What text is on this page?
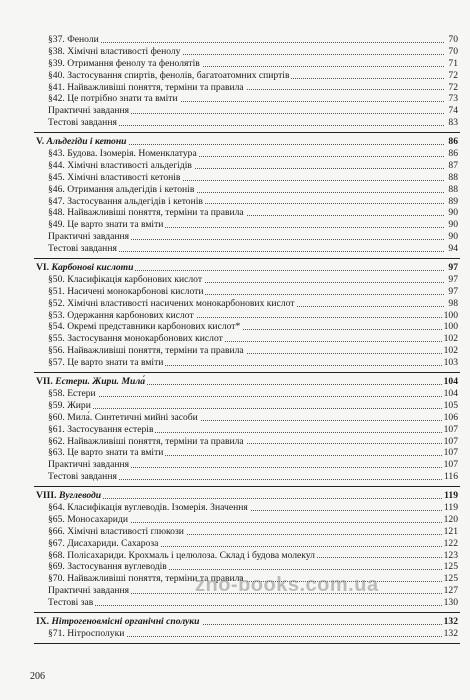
§37. Феноли	70
§38. Хімічні властивості фенолу	70
§39. Отримання фенолу та фенолятів	71
§40. Застосування спиртів, фенолів, багатоатомних спиртів	72
§41. Найважливіші поняття, терміни та правила	72
§42. Це потрібно знати та вміти	73
Практичні завдання	74
Тестові завдання	83
V. Альдегіди і кетони	86
§43. Будова. Ізомерія. Номенклатура	86
§44. Хімічні властивості альдегідів	87
§45. Хімічні властивості кетонів	88
§46. Отримання альдегідів і кетонів	88
§47. Застосування альдегідів і кетонів	89
§48. Найважливіші поняття, терміни та правила	90
§49. Це варто знати та вміти	90
Практичні завдання	90
Тестові завдання	94
VI. Карбонові кислоти	97
§50. Класифікація карбонових кислот	97
§51. Насичені монокарбонові кислоти	97
§52. Хімічні властивості насичених монокарбонових кислот	98
§53. Одержання карбонових кислот	100
§54. Окремі представники карбонових кислот*	100
§55. Застосування монокарбонових кислот	102
§56. Найважливіші поняття, терміни та правила	102
§57. Це варто знати та вміти	103
VII. Естери. Жири. Мила́	104
§58. Естери	104
§59. Жири	105
§60. Мила́. Синтетичні мийні засоби	106
§61. Застосування естерів	107
§62. Найважливіші поняття, терміни та правила	107
§63. Це варто знати та вміти	107
Практичні завдання	107
Тестові завдання	116
VIII. Вуглеводи	119
§64. Класифікація вуглеводів. Ізомерія. Значення	119
§65. Моносахариди	120
§66. Хімічні властивості глюкози	121
§67. Дисахариди. Сахароза	122
§68. Полісахариди. Крохмаль і целюлоза. Склад і будова молекул	123
§69. Застосування вуглеводів	125
§70. Найважливіші поняття, терміни та правила	125
Практичні завдання	127
Тестові зав	130
IX. Нітрогеновмісні органічні сполуки	132
§71. Нітросполуки	132
zno-books.com.ua
206
